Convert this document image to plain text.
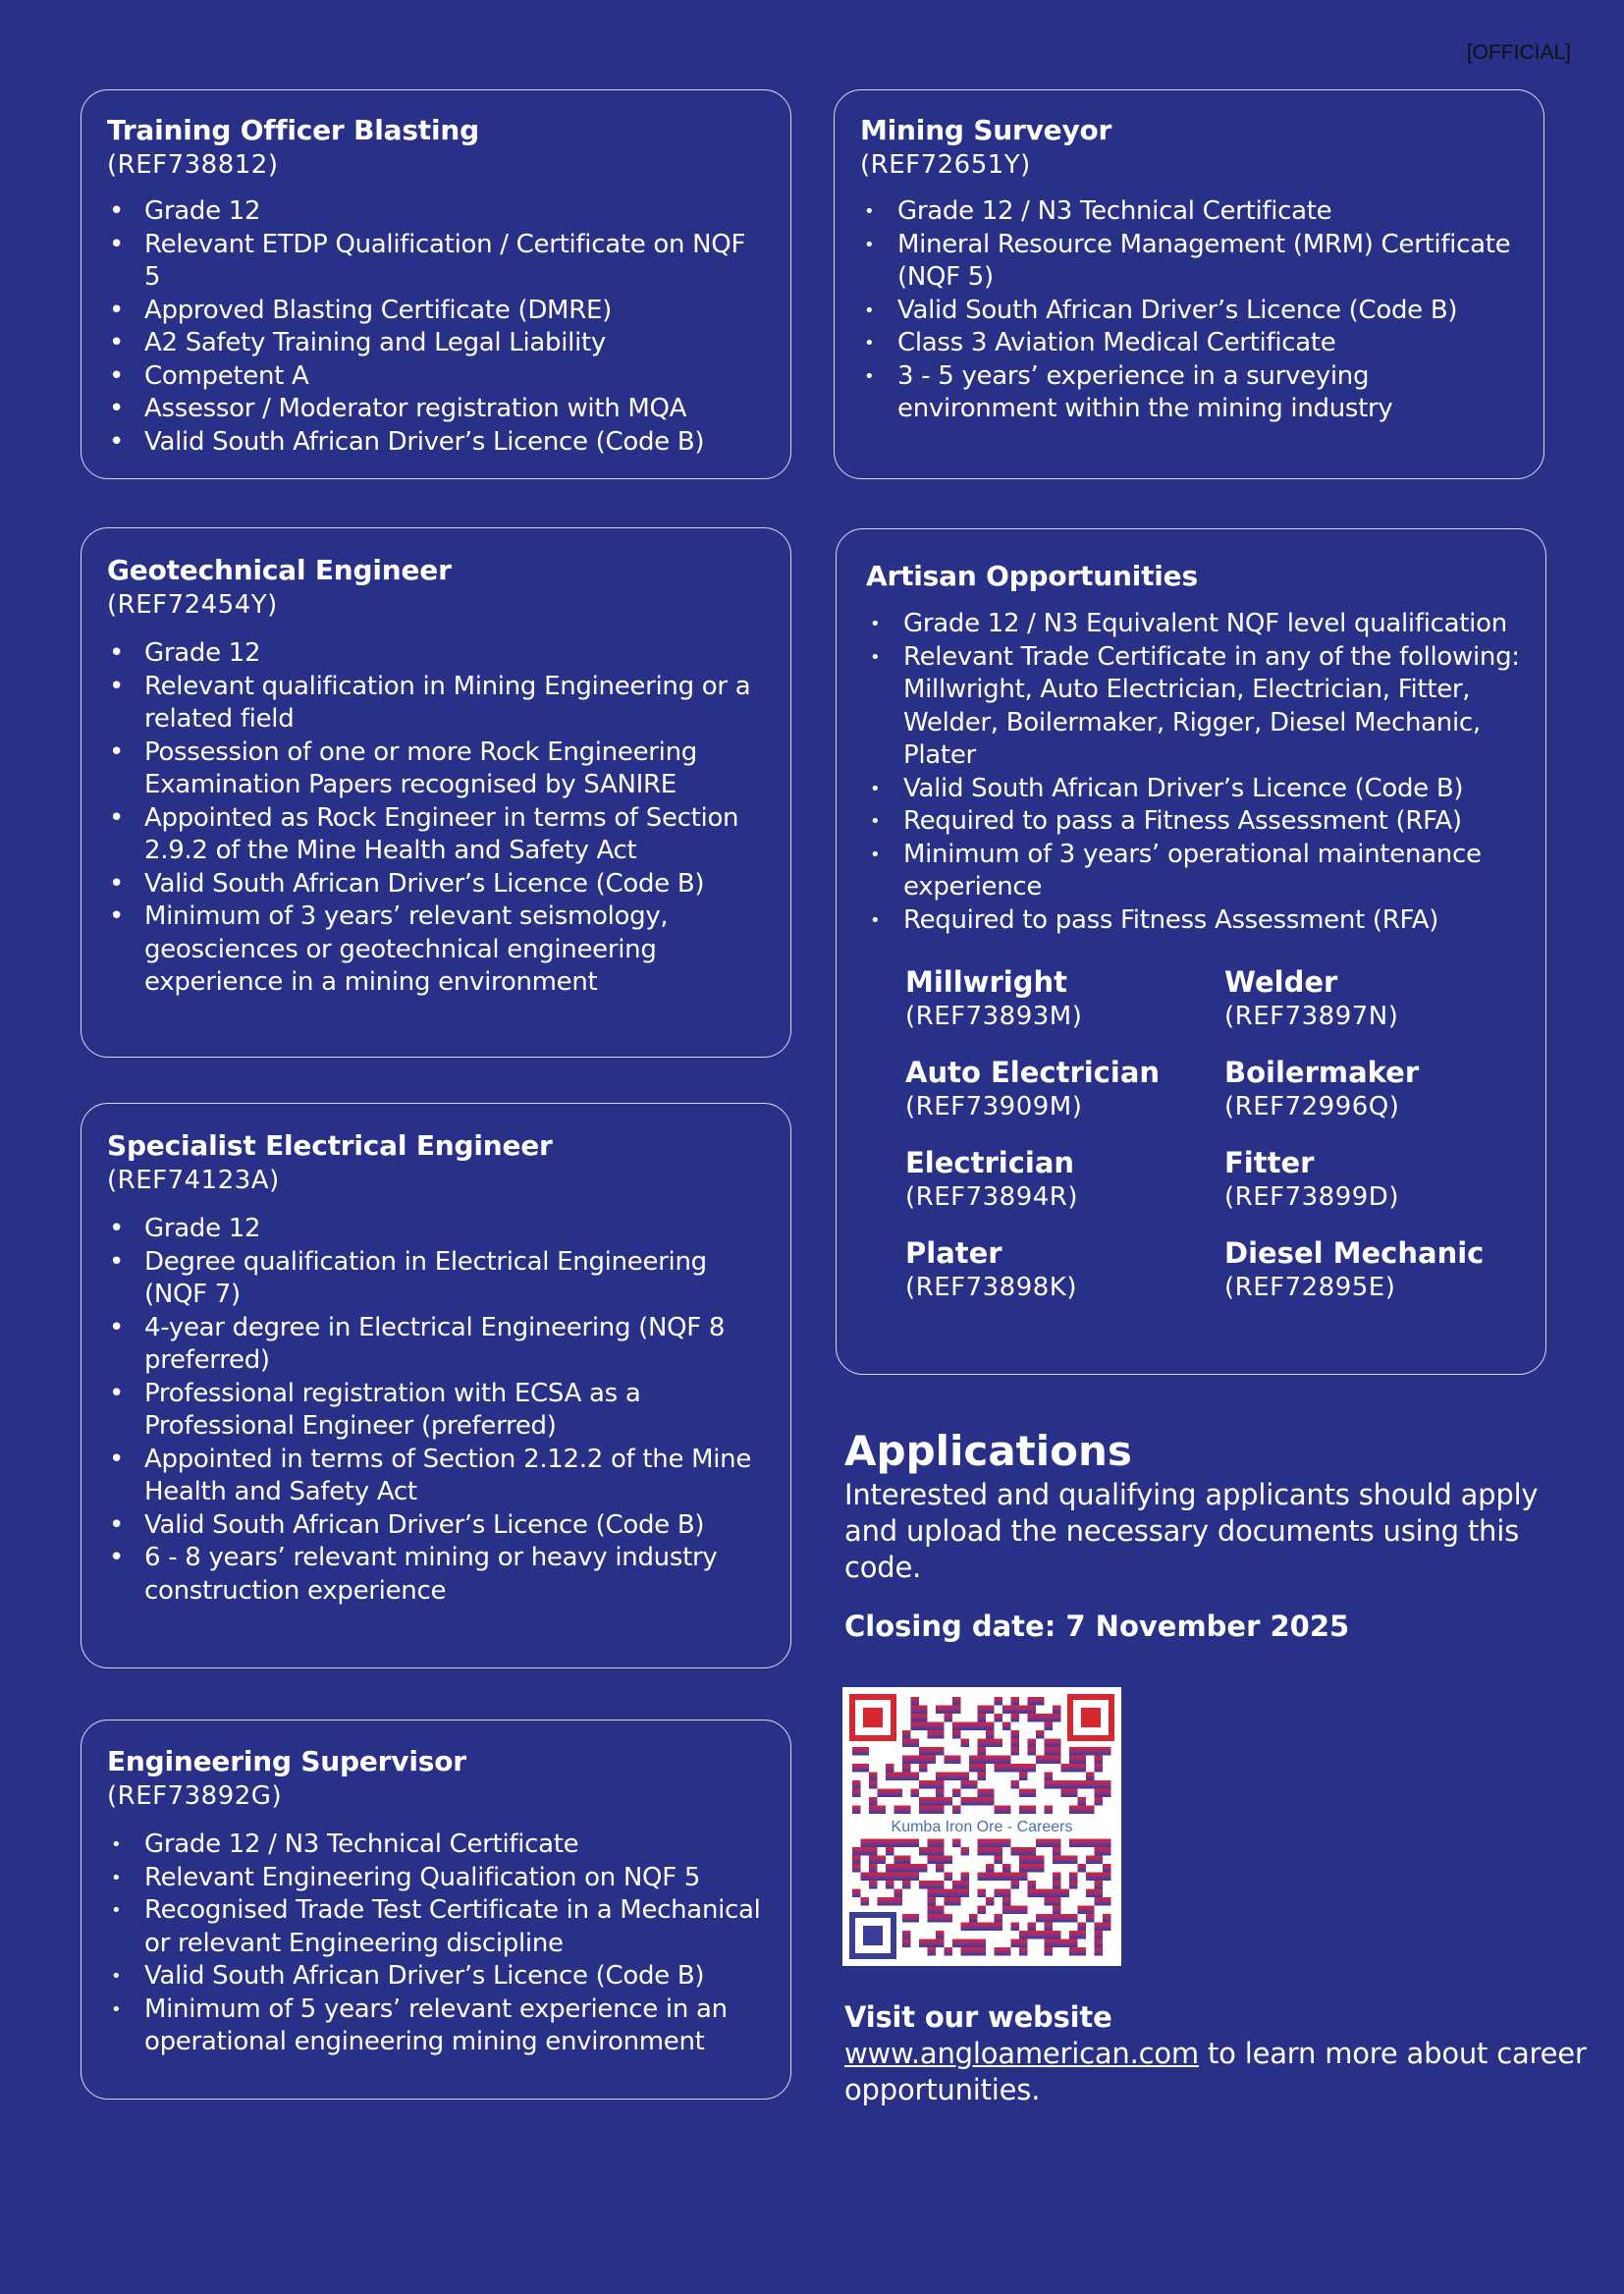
[OFFICIAL]
Training Officer Blasting
(REF738812)
• Grade 12
• Relevant ETDP Qualification / Certificate on NQF 5
• Approved Blasting Certificate (DMRE)
• A2 Safety Training and Legal Liability
• Competent A
• Assessor / Moderator registration with MQA
• Valid South African Driver’s Licence (Code B)
Mining Surveyor
(REF72651Y)
• Grade 12 / N3 Technical Certificate
• Mineral Resource Management (MRM) Certificate (NQF 5)
• Valid South African Driver’s Licence (Code B)
• Class 3 Aviation Medical Certificate
• 3 - 5 years’ experience in a surveying environment within the mining industry
Geotechnical Engineer
(REF72454Y)
• Grade 12
• Relevant qualification in Mining Engineering or a related field
• Possession of one or more Rock Engineering Examination Papers recognised by SANIRE
• Appointed as Rock Engineer in terms of Section 2.9.2 of the Mine Health and Safety Act
• Valid South African Driver’s Licence (Code B)
• Minimum of 3 years’ relevant seismology, geosciences or geotechnical engineering experience in a mining environment
Specialist Electrical Engineer
(REF74123A)
• Grade 12
• Degree qualification in Electrical Engineering (NQF 7)
• 4-year degree in Electrical Engineering (NQF 8 preferred)
• Professional registration with ECSA as a Professional Engineer (preferred)
• Appointed in terms of Section 2.12.2 of the Mine Health and Safety Act
• Valid South African Driver’s Licence (Code B)
• 6 - 8 years’ relevant mining or heavy industry construction experience
Engineering Supervisor
(REF73892G)
• Grade 12 / N3 Technical Certificate
• Relevant Engineering Qualification on NQF 5
• Recognised Trade Test Certificate in a Mechanical or relevant Engineering discipline
• Valid South African Driver’s Licence (Code B)
• Minimum of 5 years’ relevant experience in an operational engineering mining environment
Artisan Opportunities
• Grade 12 / N3 Equivalent NQF level qualification
• Relevant Trade Certificate in any of the following: Millwright, Auto Electrician, Electrician, Fitter, Welder, Boilermaker, Rigger, Diesel Mechanic, Plater
• Valid South African Driver’s Licence (Code B)
• Required to pass a Fitness Assessment (RFA)
• Minimum of 3 years’ operational maintenance experience
• Required to pass Fitness Assessment (RFA)
Millwright
(REF73893M)
Welder
(REF73897N)
Auto Electrician
(REF73909M)
Boilermaker
(REF72996Q)
Electrician
(REF73894R)
Fitter
(REF73899D)
Plater
(REF73898K)
Diesel Mechanic
(REF72895E)
Applications
Interested and qualifying applicants should apply and upload the necessary documents using this code.
Closing date: 7 November 2025
Kumba Iron Ore - Careers
Visit our website
www.angloamerican.com to learn more about career opportunities.
